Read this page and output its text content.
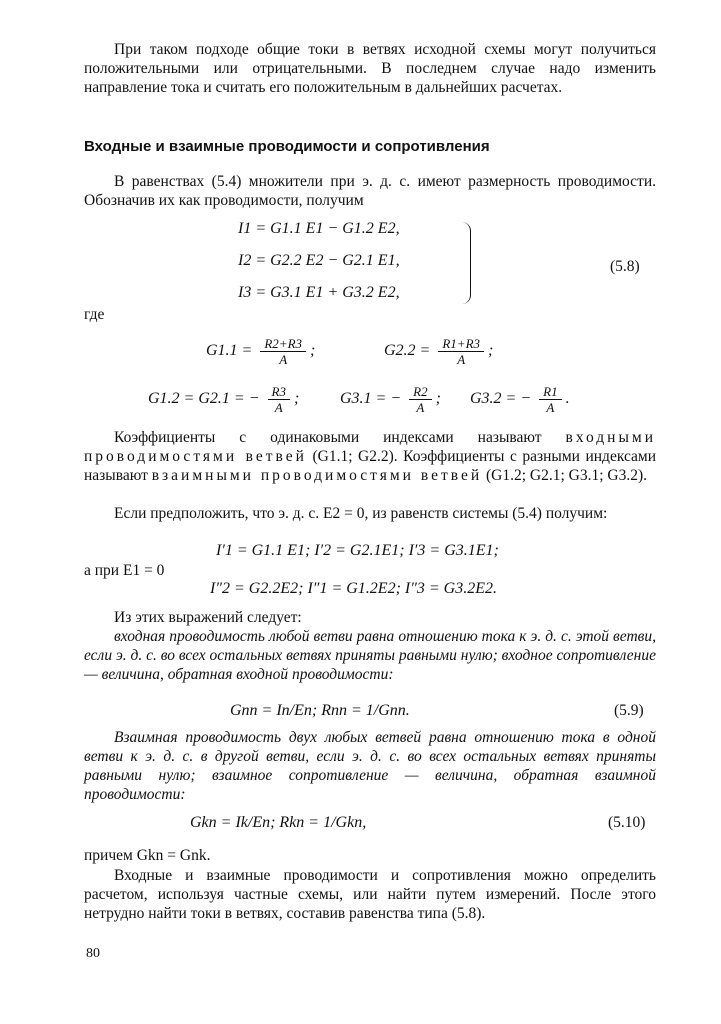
При таком подходе общие токи в ветвях исходной схемы могут получиться положительными или отрицательными. В последнем случае надо изменить направление тока и считать его положительным в дальнейших расчетах.
Входные и взаимные проводимости и сопротивления
В равенствах (5.4) множители при э. д. с. имеют размерность проводимости. Обозначив их как проводимости, получим
I1 = G1.1 E1 − G1.2 E2,
I2 = G2.2 E2 − G2.1 E1,
I3 = G3.1 E1 + G3.2 E2,
(5.8)
где
$G1.1 = \frac{R2+R3}{A}$ ;	$G2.2 = \frac{R1+R3}{A}$ ;
G1.2 = G2.1 = − $\frac{R3}{A}$ ;	G3.1 = − $\frac{R2}{A}$ ; G3.2 = − $\frac{R1}{A}$ .
Коэффициенты с одинаковыми индексами называют входными проводимостями ветвей (G1.1; G2.2). Коэффициенты с разными индексами называют взаимными проводимостями ветвей (G1.2; G2.1; G3.1; G3.2).
Если предположить, что э. д. с. E2 = 0, из равенств системы (5.4) получим:
I′1 = G1.1 E1; I′2 = G2.1E1; I′3 = G3.1E1;
а при E1 = 0
I″2 = G2.2E2; I″1 = G1.2E2; I″3 = G3.2E2.
Из этих выражений следует:
входная проводимость любой ветви равна отношению тока к э. д. с. этой ветви, если э. д. с. во всех остальных ветвях приняты равными нулю; входное сопротивление — величина, обратная входной проводимости:
Gnn = In/En; Rnn = 1/Gnn.	(5.9)
Взаимная проводимость двух любых ветвей равна отношению тока в одной ветви к э. д. с. в другой ветви, если э. д. с. во всех остальных ветвях приняты равными нулю; взаимное сопротивление — величина, обратная взаимной проводимости:
Gkn = Ik/En; Rkn = 1/Gkn,	(5.10)
причем Gkn = Gnk.
Входные и взаимные проводимости и сопротивления можно определить расчетом, используя частные схемы, или найти путем измерений. После этого нетрудно найти токи в ветвях, составив равенства типа (5.8).
80
